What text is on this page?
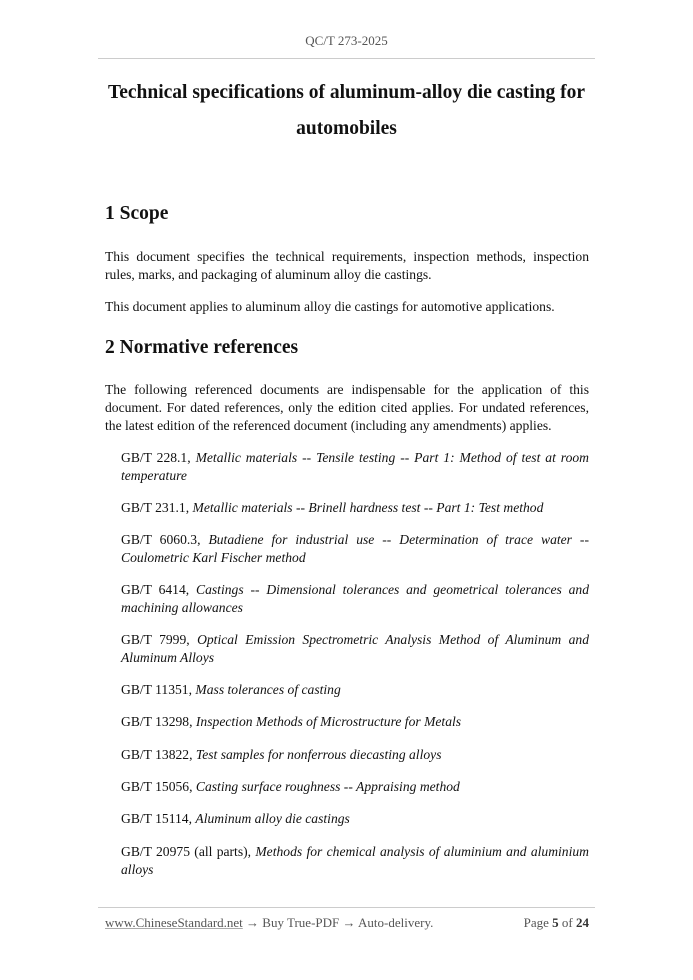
QC/T 273-2025
Technical specifications of aluminum-alloy die casting for automobiles
1 Scope
This document specifies the technical requirements, inspection methods, inspection rules, marks, and packaging of aluminum alloy die castings.
This document applies to aluminum alloy die castings for automotive applications.
2 Normative references
The following referenced documents are indispensable for the application of this document. For dated references, only the edition cited applies. For undated references, the latest edition of the referenced document (including any amendments) applies.
GB/T 228.1, Metallic materials -- Tensile testing -- Part 1: Method of test at room temperature
GB/T 231.1, Metallic materials -- Brinell hardness test -- Part 1: Test method
GB/T 6060.3, Butadiene for industrial use -- Determination of trace water -- Coulometric Karl Fischer method
GB/T 6414, Castings -- Dimensional tolerances and geometrical tolerances and machining allowances
GB/T 7999, Optical Emission Spectrometric Analysis Method of Aluminum and Aluminum Alloys
GB/T 11351, Mass tolerances of casting
GB/T 13298, Inspection Methods of Microstructure for Metals
GB/T 13822, Test samples for nonferrous diecasting alloys
GB/T 15056, Casting surface roughness -- Appraising method
GB/T 15114, Aluminum alloy die castings
GB/T 20975 (all parts), Methods for chemical analysis of aluminium and aluminium alloys
www.ChineseStandard.net → Buy True-PDF → Auto-delivery.	Page 5 of 24
